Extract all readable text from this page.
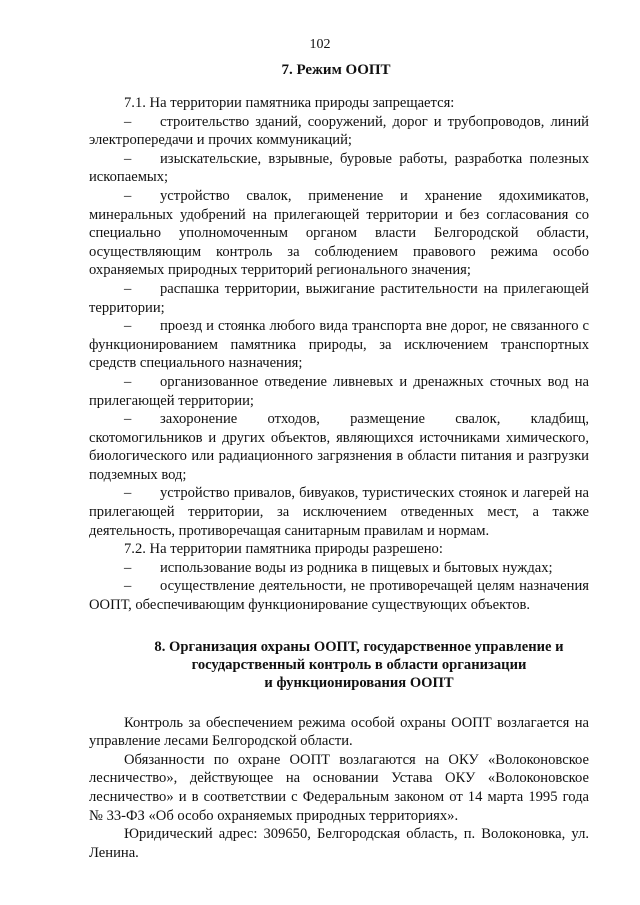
102
7. Режим ООПТ

7.1. На территории памятника природы запрещается:

– строительство зданий, сооружений, дорог и трубопроводов, линий электропередачи и прочих коммуникаций;

– изыскательские, взрывные, буровые работы, разработка полезных ископаемых;

– устройство свалок, применение и хранение ядохимикатов, минеральных удобрений на прилегающей территории и без согласования со специально уполномоченным органом власти Белгородской области, осуществляющим контроль за соблюдением правового режима особо охраняемых природных территорий регионального значения;

– распашка территории, выжигание растительности на прилегающей территории;

– проезд и стоянка любого вида транспорта вне дорог, не связанного с функционированием памятника природы, за исключением транспортных средств специального назначения;

– организованное отведение ливневых и дренажных сточных вод на прилегающей территории;

– захоронение отходов, размещение свалок, кладбищ, скотомогильников и других объектов, являющихся источниками химического, биологического или радиационного загрязнения в области питания и разгрузки подземных вод;

– устройство привалов, бивуаков, туристических стоянок и лагерей на прилегающей территории, за исключением отведенных мест, а также деятельность, противоречащая санитарным правилам и нормам.

7.2. На территории памятника природы разрешено:

– использование воды из родника в пищевых и бытовых нуждах;

– осуществление деятельности, не противоречащей целям назначения ООПТ, обеспечивающим функционирование существующих объектов.

8. Организация охраны ООПТ, государственное управление и
государственный контроль в области организации
и функционирования ООПТ

Контроль за обеспечением режима особой охраны ООПТ возлагается на управление лесами Белгородской области.

Обязанности по охране ООПТ возлагаются на ОКУ «Волоконовское лесничество», действующее на основании Устава ОКУ «Волоконовское лесничество» и в соответствии с Федеральным законом от 14 марта 1995 года № 33-ФЗ «Об особо охраняемых природных территориях».

Юридический адрес: 309650, Белгородская область, п. Волоконовка, ул. Ленина.
